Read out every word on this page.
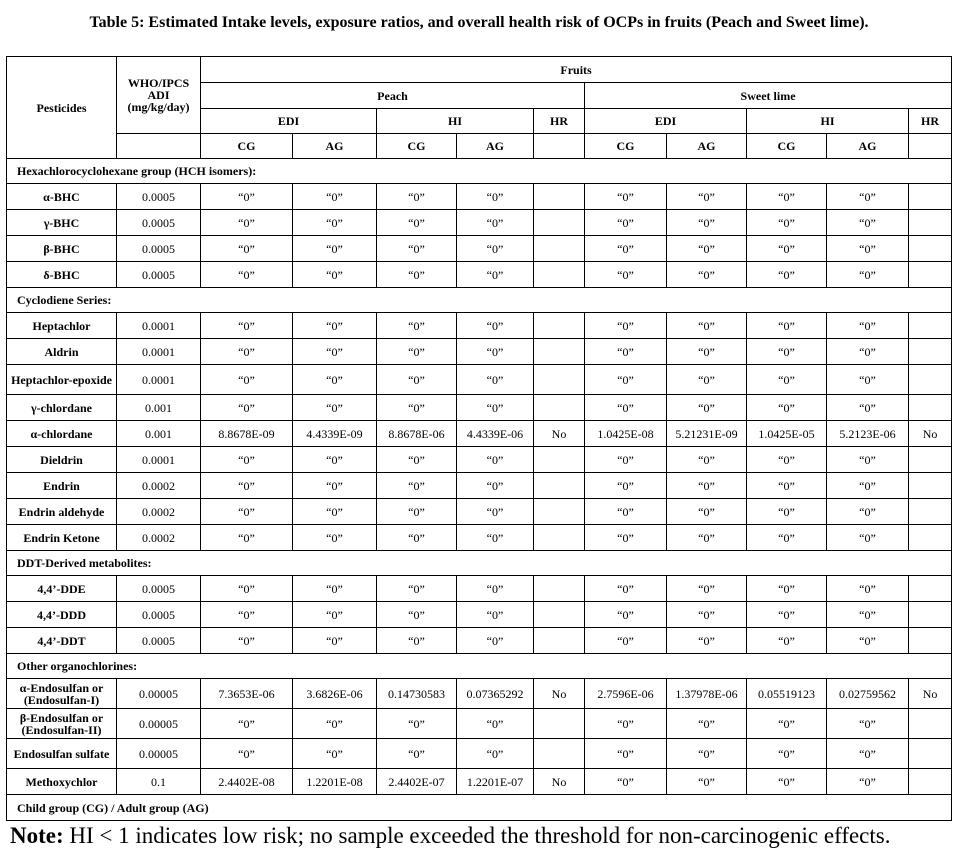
Table 5: Estimated Intake levels, exposure ratios, and overall health risk of OCPs in fruits (Peach and Sweet lime).
Pesticides	WHO/IPCS ADI (mg/kg/day)	Fruits									
		Peach					Sweet lime				
		EDI		HI		HR	EDI		HI		HR
		CG	AG	CG	AG		CG	AG	CG	AG	
Hexachlorocyclohexane group (HCH isomers):											
α-BHC	0.0005	“0”	“0”	“0”	“0”		“0”	“0”	“0”	“0”	
γ-BHC	0.0005	“0”	“0”	“0”	“0”		“0”	“0”	“0”	“0”	
β-BHC	0.0005	“0”	“0”	“0”	“0”		“0”	“0”	“0”	“0”	
δ-BHC	0.0005	“0”	“0”	“0”	“0”		“0”	“0”	“0”	“0”	
Cyclodiene Series:											
Heptachlor	0.0001	“0”	“0”	“0”	“0”		“0”	“0”	“0”	“0”	
Aldrin	0.0001	“0”	“0”	“0”	“0”		“0”	“0”	“0”	“0”	
Heptachlor-epoxide	0.0001	“0”	“0”	“0”	“0”		“0”	“0”	“0”	“0”	
γ-chlordane	0.001	“0”	“0”	“0”	“0”		“0”	“0”	“0”	“0”	
α-chlordane	0.001	8.8678E-09	4.4339E-09	8.8678E-06	4.4339E-06	No	1.0425E-08	5.21231E-09	1.0425E-05	5.2123E-06	No
Dieldrin	0.0001	“0”	“0”	“0”	“0”		“0”	“0”	“0”	“0”	
Endrin	0.0002	“0”	“0”	“0”	“0”		“0”	“0”	“0”	“0”	
Endrin aldehyde	0.0002	“0”	“0”	“0”	“0”		“0”	“0”	“0”	“0”	
Endrin Ketone	0.0002	“0”	“0”	“0”	“0”		“0”	“0”	“0”	“0”	
DDT-Derived metabolites:											
4,4’-DDE	0.0005	“0”	“0”	“0”	“0”		“0”	“0”	“0”	“0”	
4,4’-DDD	0.0005	“0”	“0”	“0”	“0”		“0”	“0”	“0”	“0”	
4,4’-DDT	0.0005	“0”	“0”	“0”	“0”		“0”	“0”	“0”	“0”	
Other organochlorines:											
α-Endosulfan or (Endosulfan-I)	0.00005	7.3653E-06	3.6826E-06	0.14730583	0.07365292	No	2.7596E-06	1.37978E-06	0.05519123	0.02759562	No
β-Endosulfan or (Endosulfan-II)	0.00005	“0”	“0”	“0”	“0”		“0”	“0”	“0”	“0”	
Endosulfan sulfate	0.00005	“0”	“0”	“0”	“0”		“0”	“0”	“0”	“0”	
Methoxychlor	0.1	2.4402E-08	1.2201E-08	2.4402E-07	1.2201E-07	No	“0”	“0”	“0”	“0”	
Child group (CG) / Adult group (AG)											
Note: HI < 1 indicates low risk; no sample exceeded the threshold for non-carcinogenic effects.
